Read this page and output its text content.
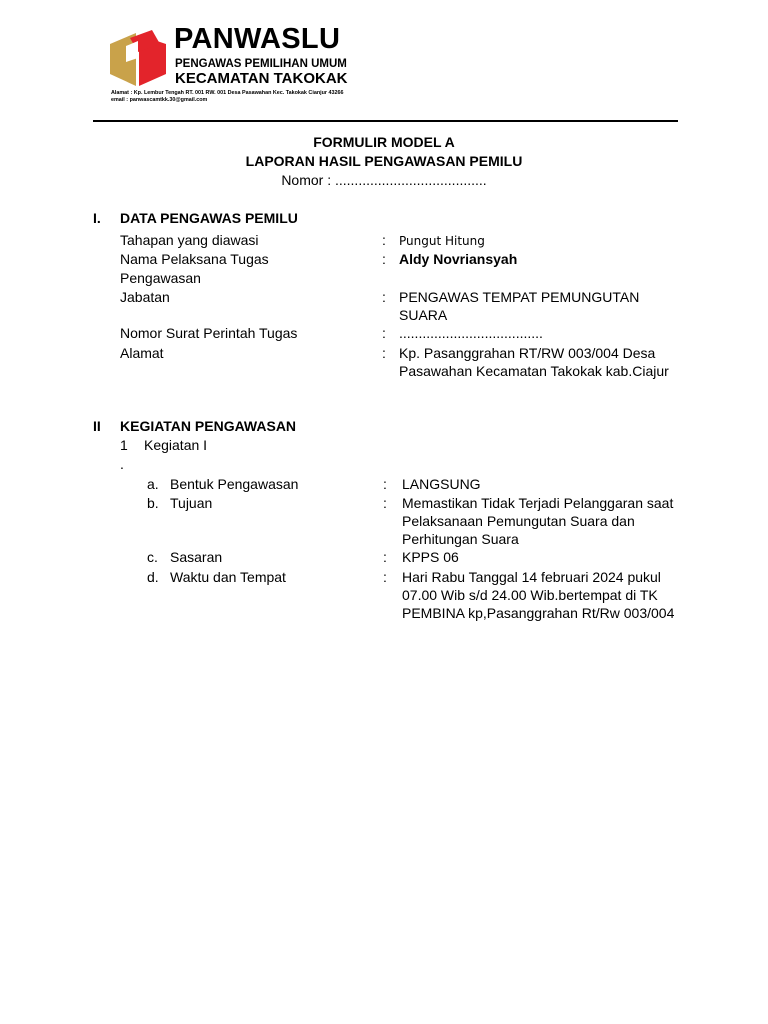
PANWASLU
PENGAWAS PEMILIHAN UMUM
KECAMATAN TAKOKAK
Alamat : Kp. Lembur Tengah RT. 001 RW. 001 Desa Pasawahan Kec. Takokak Cianjur 43266
email : panwascamtkk.30@gmail.com
FORMULIR MODEL A
LAPORAN HASIL PENGAWASAN PEMILU
Nomor : .......................................
I. DATA PENGAWAS PEMILU
Tahapan yang diawasi	: Pungut Hitung
Nama Pelaksana Tugas Pengawasan
: Aldy Novriansyah
Jabatan	: PENGAWAS TEMPAT PEMUNGUTAN SUARA
Nomor Surat Perintah Tugas	: .....................................
Alamat	: Kp. Pasanggrahan RT/RW 003/004 Desa Pasawahan Kecamatan Takokak kab.Ciajur
II KEGIATAN PENGAWASAN
1 Kegiatan I
.
a. Bentuk Pengawasan	: LANGSUNG
b. Tujuan	: Memastikan Tidak Terjadi Pelanggaran saat Pelaksanaan Pemungutan Suara dan Perhitungan Suara
c. Sasaran	: KPPS 06
d. Waktu dan Tempat	: Hari Rabu Tanggal 14 februari 2024 pukul 07.00 Wib s/d 24.00 Wib.bertempat di TK PEMBINA kp,Pasanggrahan Rt/Rw 003/004
